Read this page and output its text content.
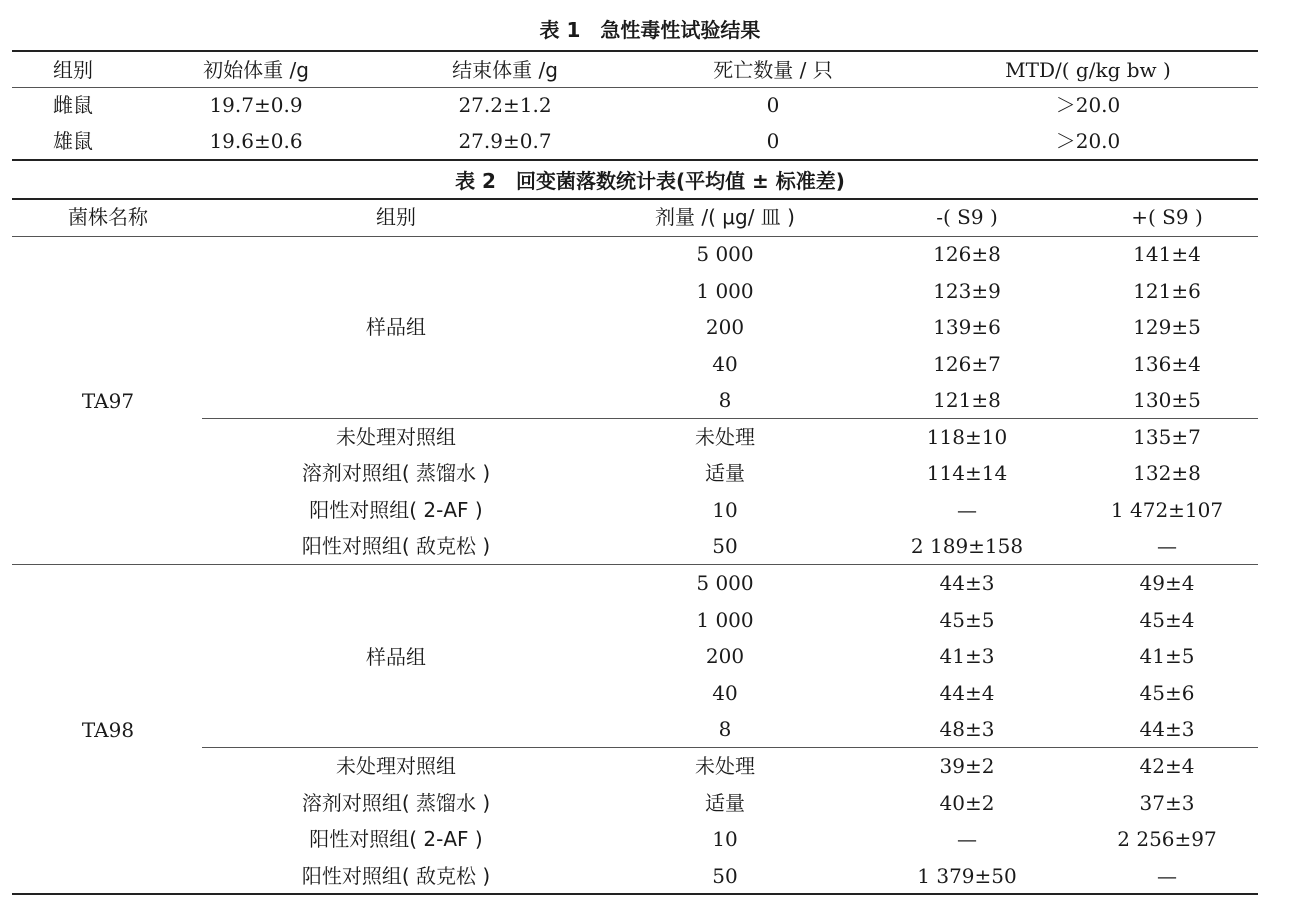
表 1　急性毒性试验结果
组别	初始体重 /g	结束体重 /g	死亡数量 / 只	MTD/( g/kg bw )
雌鼠	19.7±0.9	27.2±1.2	0	＞20.0
雄鼠	19.6±0.6	27.9±0.7	0	＞20.0
表 2　回变菌落数统计表(平均值 ± 标准差)
菌株名称	组别	剂量 /( μg/ 皿 )	-( S9 )	+( S9 )
TA97
样品组
5 000	126±8	141±4
1 000	123±9	121±6
200	139±6	129±5
40	126±7	136±4
8	121±8	130±5
未处理对照组	未处理	118±10	135±7
溶剂对照组( 蒸馏水 )	适量	114±14	132±8
阳性对照组( 2-AF )	10	—	1 472±107
阳性对照组( 敌克松 )	50	2 189±158	—
TA98
样品组
5 000	44±3	49±4
1 000	45±5	45±4
200	41±3	41±5
40	44±4	45±6
8	48±3	44±3
未处理对照组	未处理	39±2	42±4
溶剂对照组( 蒸馏水 )	适量	40±2	37±3
阳性对照组( 2-AF )	10	—	2 256±97
阳性对照组( 敌克松 )	50	1 379±50	—
